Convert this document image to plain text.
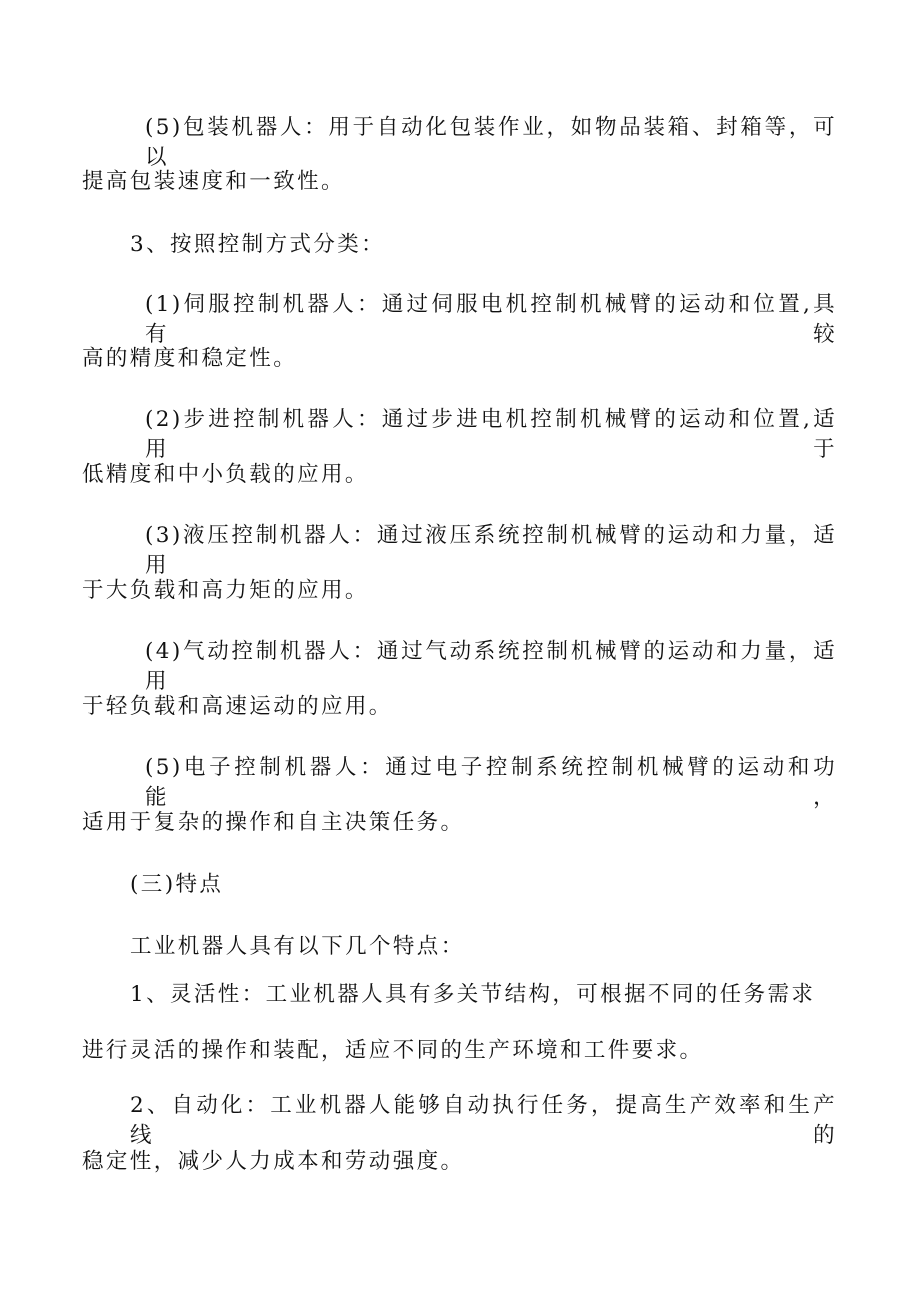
(5)包装机器人：用于自动化包装作业，如物品装箱、封箱等，可以
提高包装速度和一致性。
3、按照控制方式分类：
(1)伺服控制机器人：通过伺服电机控制机械臂的运动和位置,具有较
高的精度和稳定性。
(2)步进控制机器人：通过步进电机控制机械臂的运动和位置,适用于
低精度和中小负载的应用。
(3)液压控制机器人：通过液压系统控制机械臂的运动和力量，适用
于大负载和高力矩的应用。
(4)气动控制机器人：通过气动系统控制机械臂的运动和力量，适用
于轻负载和高速运动的应用。
(5)电子控制机器人：通过电子控制系统控制机械臂的运动和功能，
适用于复杂的操作和自主决策任务。
(三)特点
工业机器人具有以下几个特点：
1、灵活性：工业机器人具有多关节结构，可根据不同的任务需求
进行灵活的操作和装配，适应不同的生产环境和工件要求。
2、自动化：工业机器人能够自动执行任务，提高生产效率和生产线的
稳定性，减少人力成本和劳动强度。
